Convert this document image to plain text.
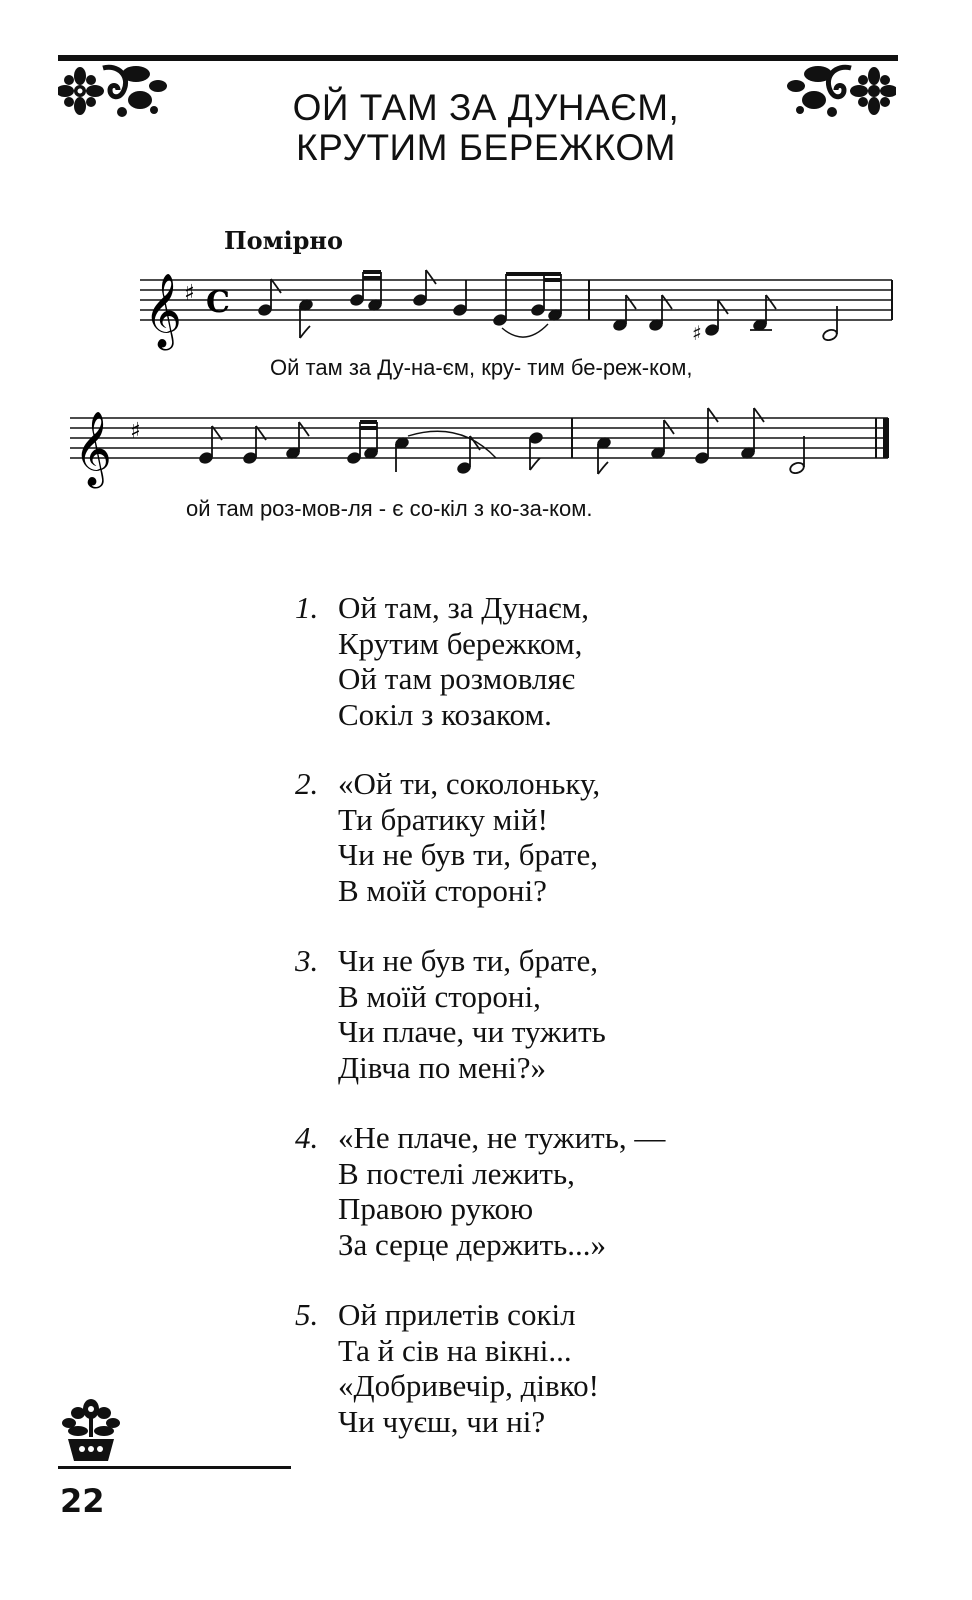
ОЙ ТАМ ЗА ДУНАЄМ,
КРУТИМ БЕРЕЖКОМ
Помірно
𝄞 ♯ C
♯
Ой там за Ду-на-єм, кру- тим бе-реж-ком,
𝄞 ♯
ой там роз-мов-ля - є со-кіл з ко-за-ком.
1. Ой там, за Дунаєм,
Крутим бережком,
Ой там розмовляє
Сокіл з козаком.
2. «Ой ти, соколоньку,
Ти братику мій!
Чи не був ти, брате,
В моїй стороні?
3. Чи не був ти, брате,
В моїй стороні,
Чи плаче, чи тужить
Дівча по мені?»
4. «Не плаче, не тужить, —
В постелі лежить,
Правою рукою
За серце держить...»
5. Ой прилетів сокіл
Та й сів на вікні...
«Добривечір, дівко!
Чи чуєш, чи ні?
22
